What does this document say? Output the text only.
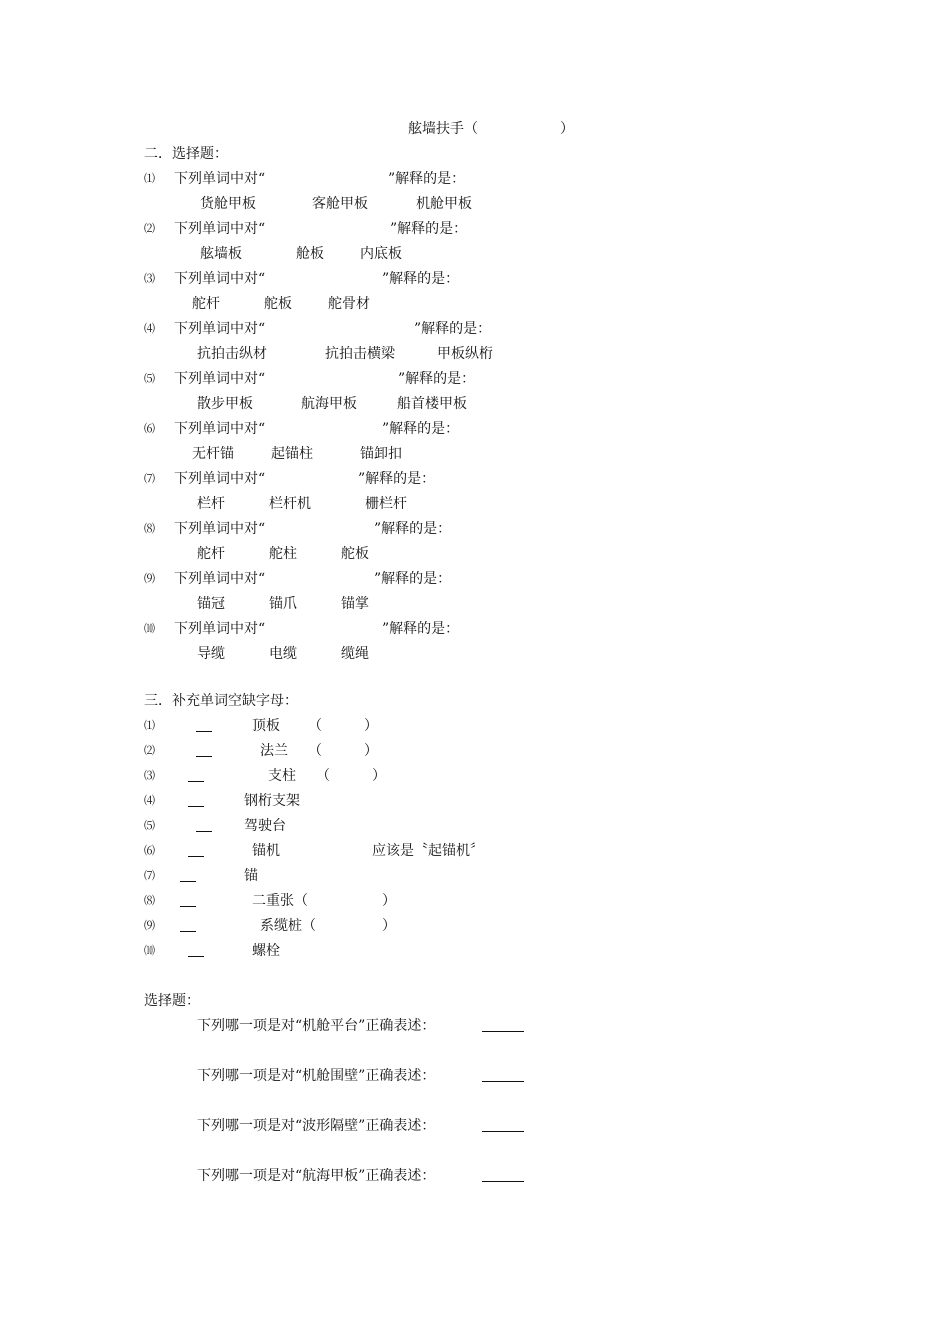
舷墙扶手（	）
二．选择题：
⑴ 下列单词中对“	”解释的是：
货舱甲板	客舱甲板	机舱甲板
⑵ 下列单词中对“	”解释的是：
舷墙板	舱板	内底板
⑶ 下列单词中对“	”解释的是：
舵杆	舵板	舵骨材
⑷ 下列单词中对“	”解释的是：
抗拍击纵材	抗拍击横梁	甲板纵桁
⑸ 下列单词中对“	”解释的是：
散步甲板	航海甲板	船首楼甲板
⑹ 下列单词中对“	”解释的是：
无杆锚	起锚柱	锚卸扣
⑺ 下列单词中对“	”解释的是：
栏杆	栏杆机	栅栏杆
⑻ 下列单词中对“	”解释的是：
舵杆	舵柱	舵板
⑼ 下列单词中对“	”解释的是：
锚冠	锚爪	锚掌
⑽ 下列单词中对“	”解释的是：
导缆	电缆	缆绳
三．补充单词空缺字母：
⑴	顶板 （　　　）
⑵	法兰 （　　　）
⑶	支柱 （　　　）
⑷	钢桁支架
⑸	驾驶台
⑹	锚机	应该是〝起锚机〞
⑺	锚
⑻	二重张（	）
⑼	系缆桩（	）
⑽	螺栓
选择题：
下列哪一项是对“机舱平台”正确表述：
下列哪一项是对“机舱围壁”正确表述：
下列哪一项是对“波形隔壁”正确表述：
下列哪一项是对“航海甲板”正确表述：
